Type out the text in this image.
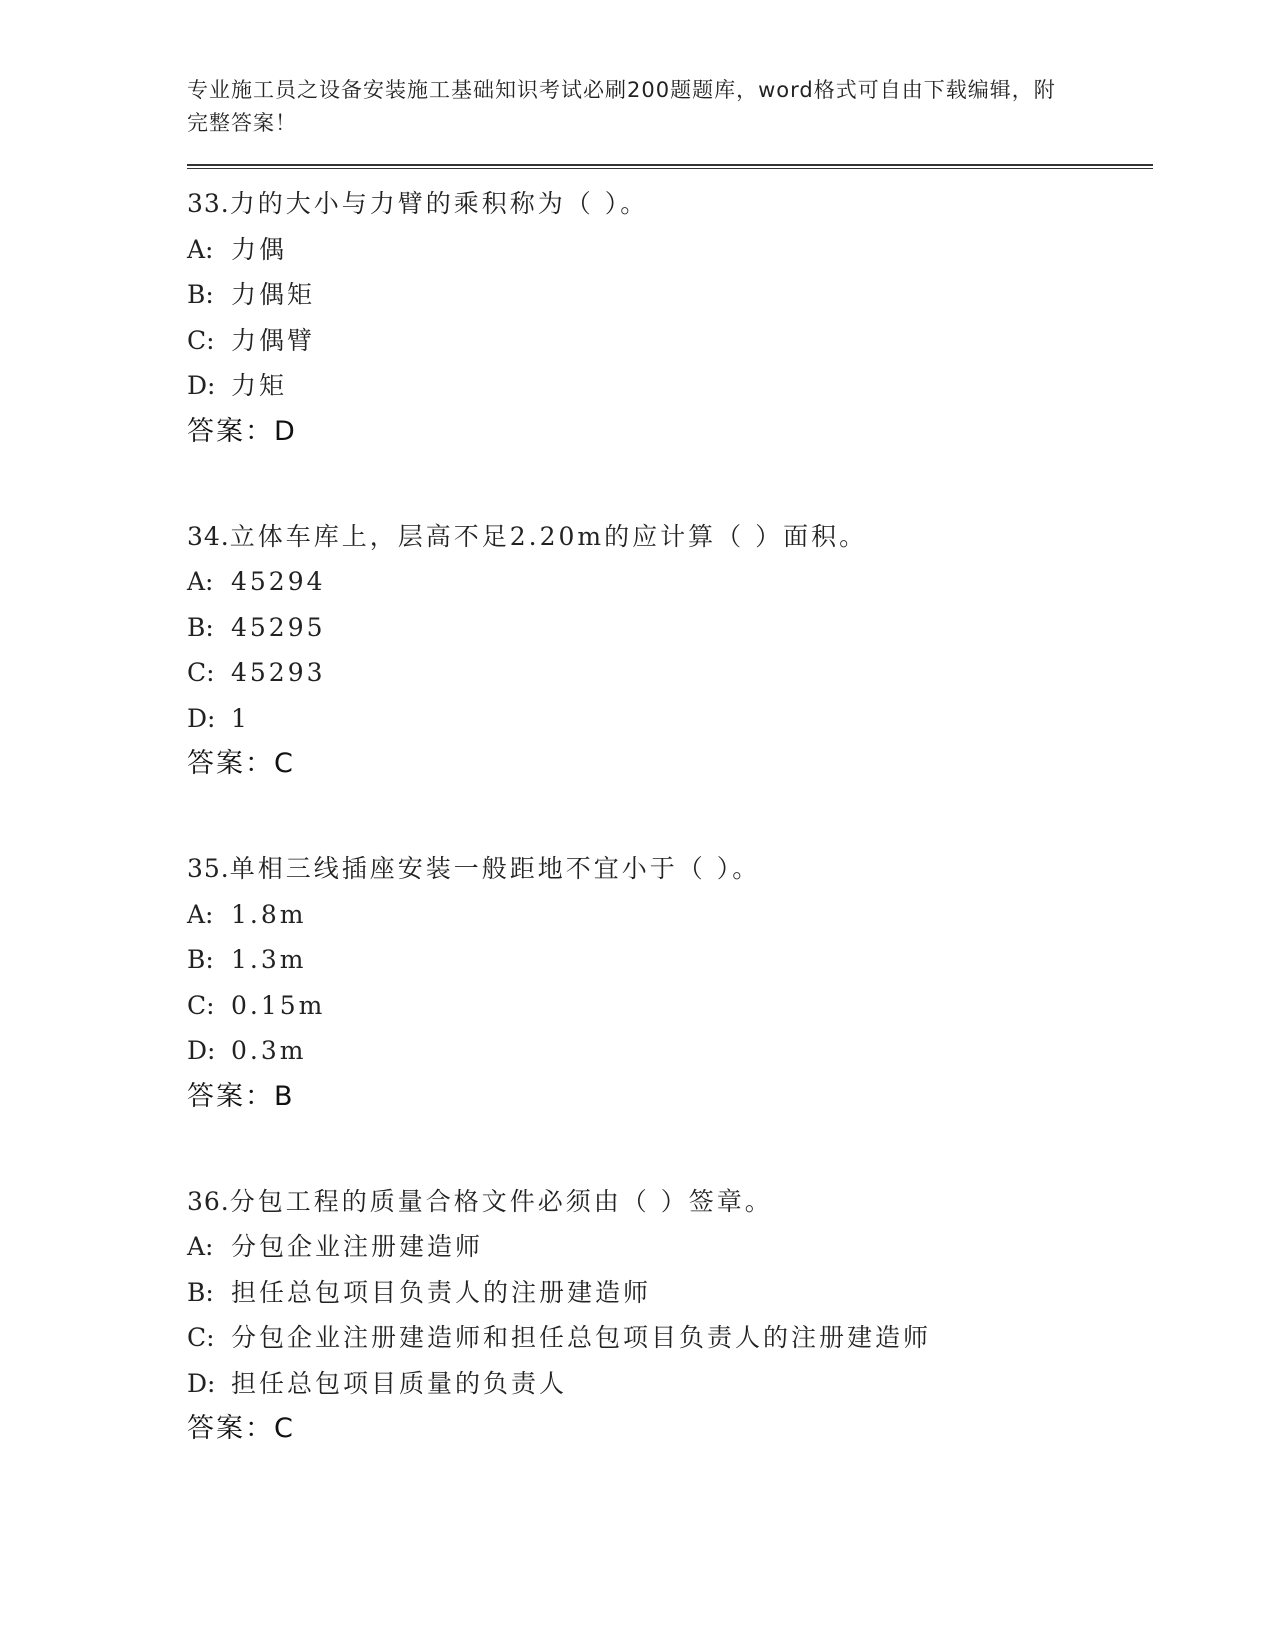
专业施工员之设备安装施工基础知识考试必刷200题题库，word格式可自由下载编辑，附完整答案！
33.力的大小与力臂的乘积称为（ ）。
A: 力偶
B: 力偶矩
C: 力偶臂
D: 力矩
答案：D
34.立体车库上，层高不足2.20m的应计算（ ）面积。
A: 45294
B: 45295
C: 45293
D: 1
答案：C
35.单相三线插座安装一般距地不宜小于（ ）。
A: 1.8m
B: 1.3m
C: 0.15m
D: 0.3m
答案：B
36.分包工程的质量合格文件必须由（ ）签章。
A: 分包企业注册建造师
B: 担任总包项目负责人的注册建造师
C: 分包企业注册建造师和担任总包项目负责人的注册建造师
D: 担任总包项目质量的负责人
答案：C
